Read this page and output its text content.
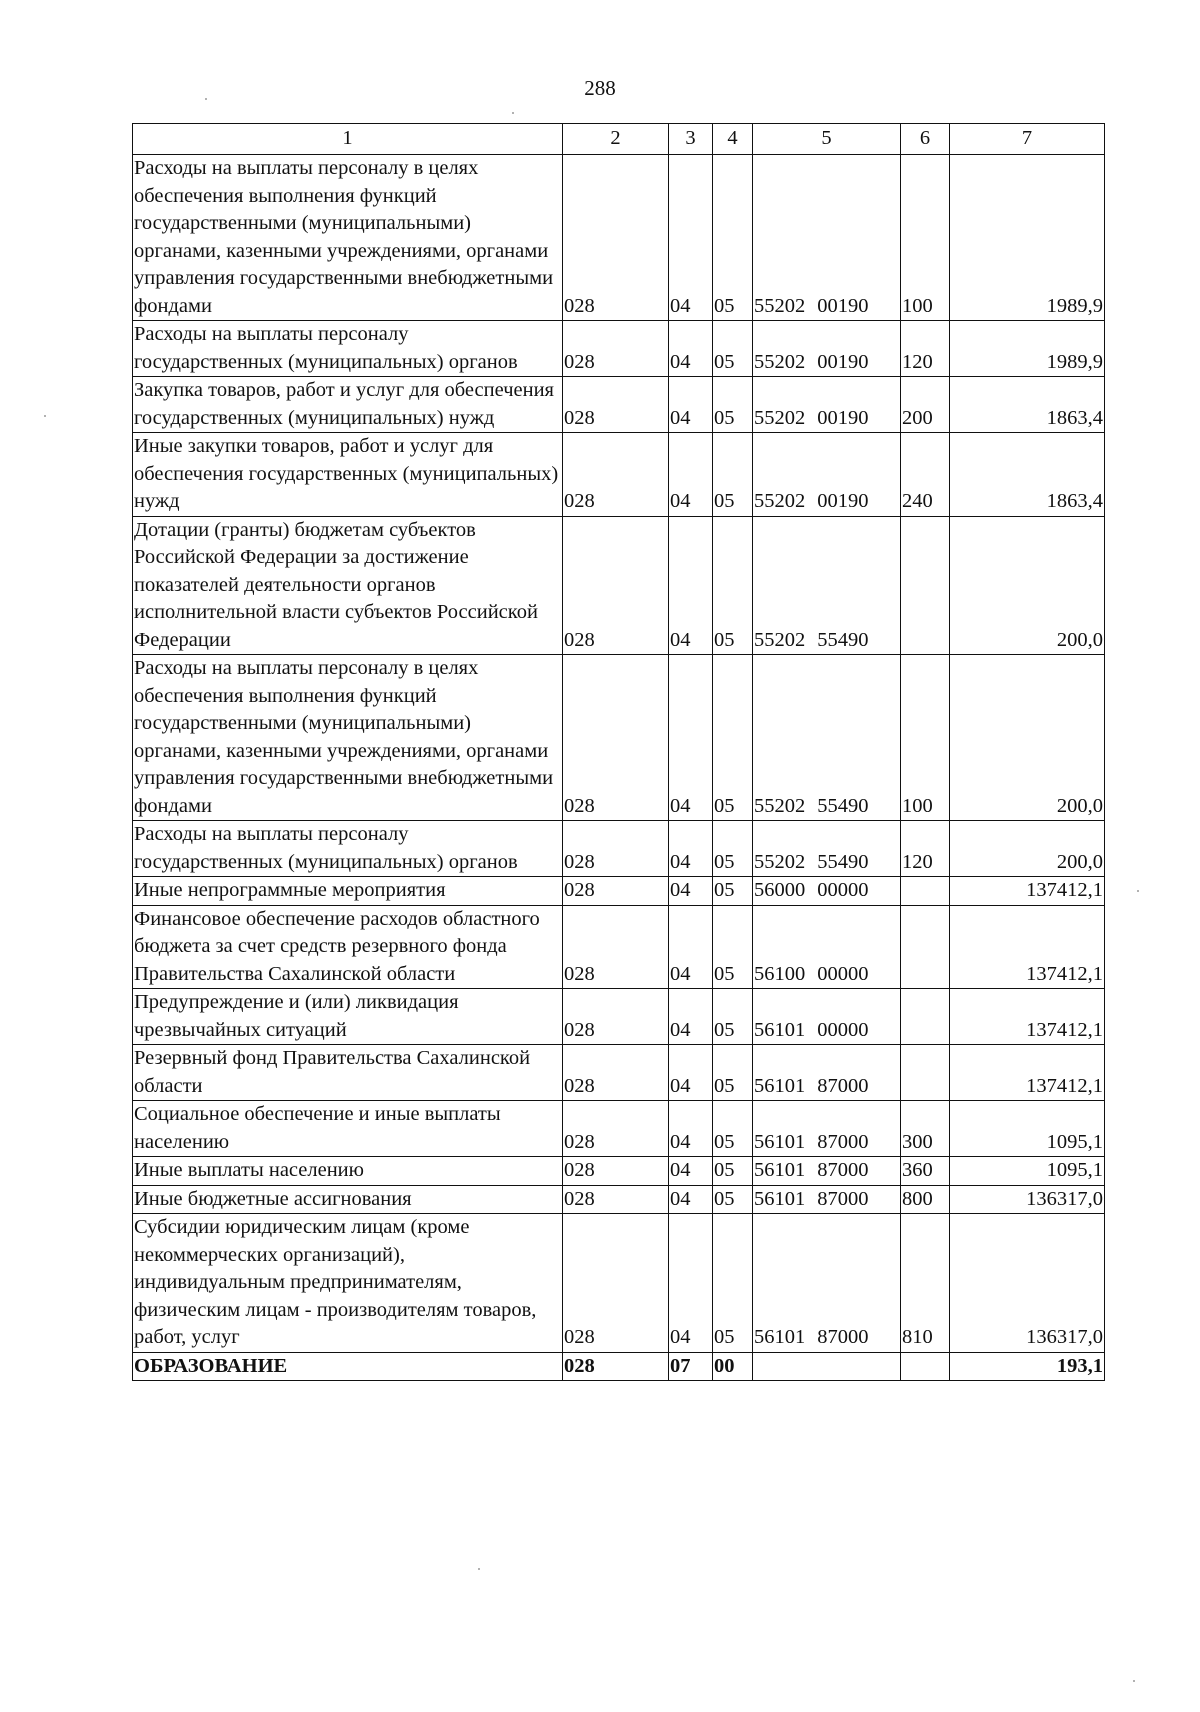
288
1	2	3	4	5	6	7
Расходы на выплаты персоналу в целях обеспечения выполнения функций государственными (муниципальными) органами, казенными учреждениями, органами управления государственными внебюджетными фондами	028	04	05	55202 00190	100	1989,9
Расходы на выплаты персоналу государственных (муниципальных) органов	028	04	05	55202 00190	120	1989,9
Закупка товаров, работ и услуг для обеспечения государственных (муниципальных) нужд	028	04	05	55202 00190	200	1863,4
Иные закупки товаров, работ и услуг для обеспечения государственных (муниципальных) нужд	028	04	05	55202 00190	240	1863,4
Дотации (гранты) бюджетам субъектов Российской Федерации за достижение показателей деятельности органов исполнительной власти субъектов Российской Федерации	028	04	05	55202 55490		200,0
Расходы на выплаты персоналу в целях обеспечения выполнения функций государственными (муниципальными) органами, казенными учреждениями, органами управления государственными внебюджетными фондами	028	04	05	55202 55490	100	200,0
Расходы на выплаты персоналу государственных (муниципальных) органов	028	04	05	55202 55490	120	200,0
Иные непрограммные мероприятия	028	04	05	56000 00000		137412,1
Финансовое обеспечение расходов областного бюджета за счет средств резервного фонда Правительства Сахалинской области	028	04	05	56100 00000		137412,1
Предупреждение и (или) ликвидация чрезвычайных ситуаций	028	04	05	56101 00000		137412,1
Резервный фонд Правительства Сахалинской области	028	04	05	56101 87000		137412,1
Социальное обеспечение и иные выплаты населению	028	04	05	56101 87000	300	1095,1
Иные выплаты населению	028	04	05	56101 87000	360	1095,1
Иные бюджетные ассигнования	028	04	05	56101 87000	800	136317,0
Субсидии юридическим лицам (кроме некоммерческих организаций), индивидуальным предпринимателям, физическим лицам - производителям товаров, работ, услуг	028	04	05	56101 87000	810	136317,0
ОБРАЗОВАНИЕ	028	07	00			193,1
